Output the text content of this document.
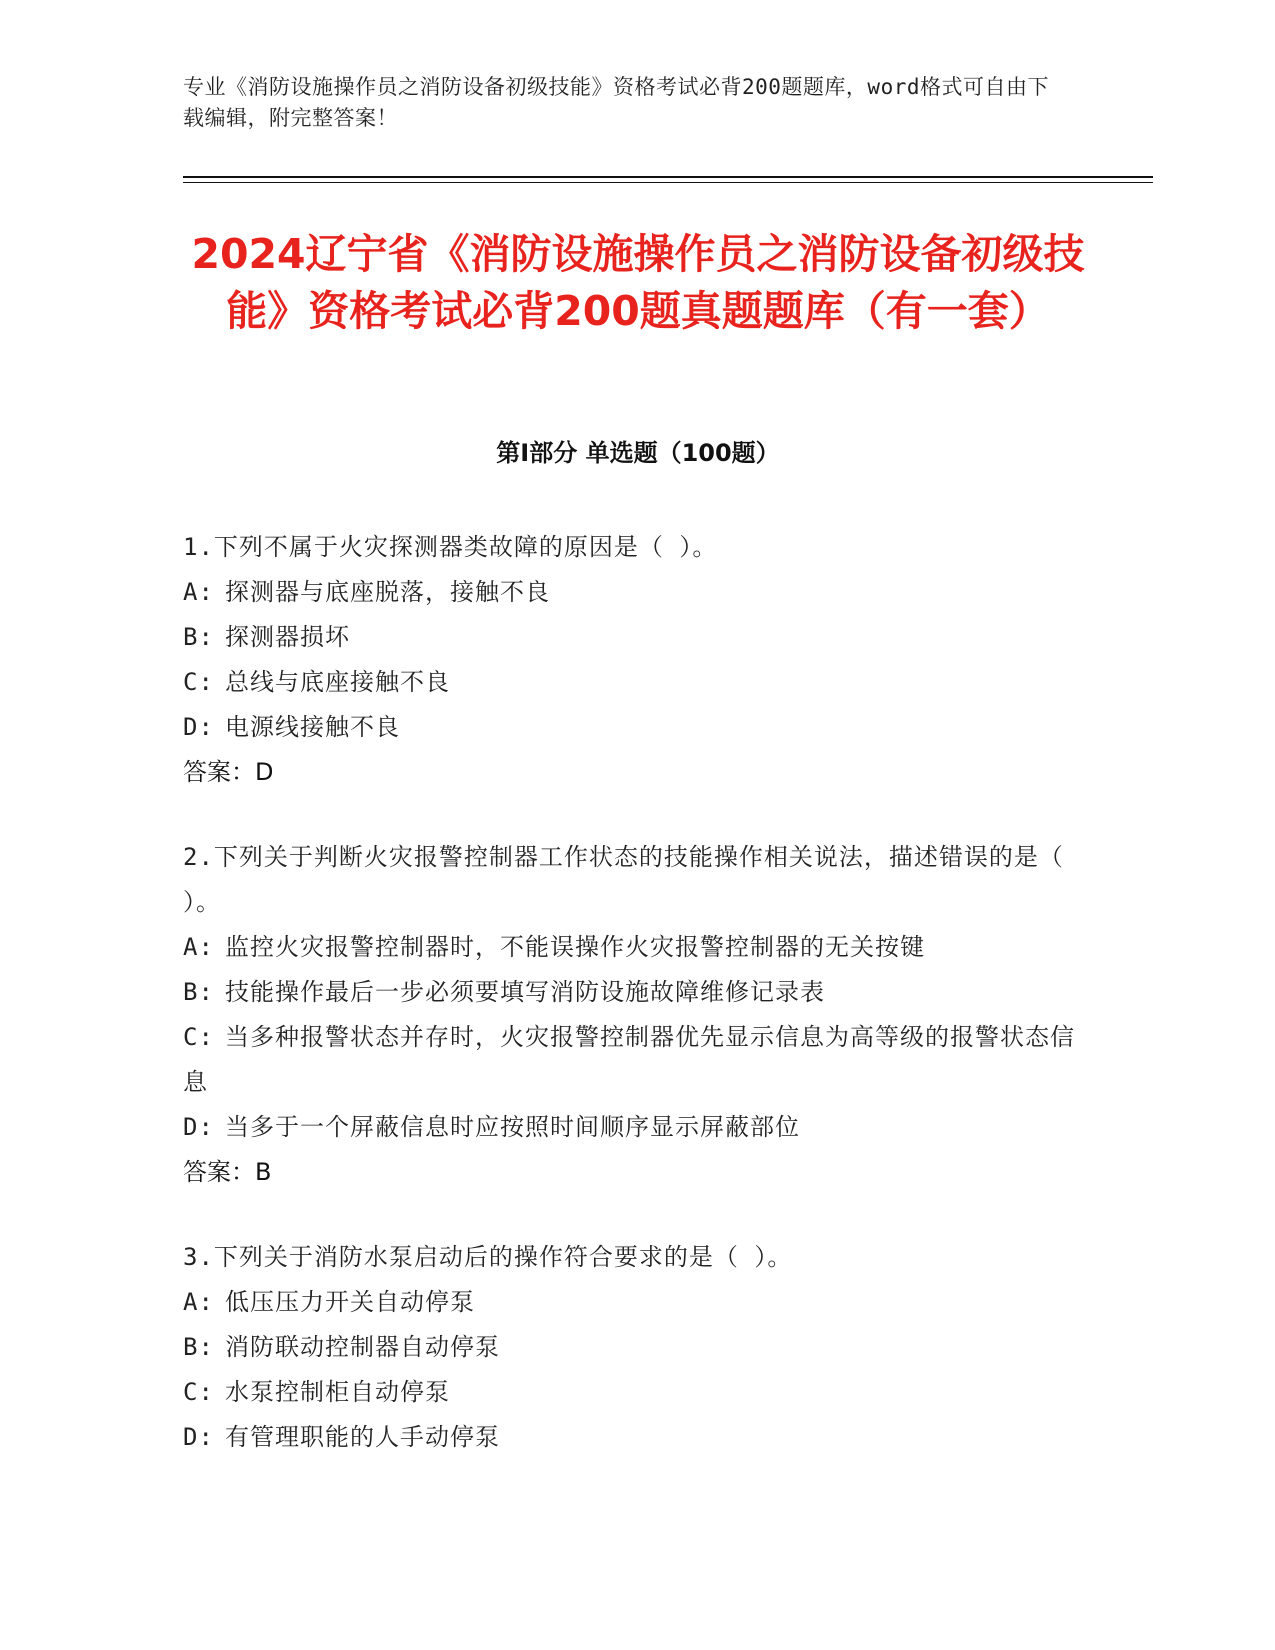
专业《消防设施操作员之消防设备初级技能》资格考试必背200题题库，word格式可自由下载编辑，附完整答案！
2024辽宁省《消防设施操作员之消防设备初级技能》资格考试必背200题真题题库（有一套）
第I部分 单选题（100题）
1.下列不属于火灾探测器类故障的原因是（ ）。
A: 探测器与底座脱落，接触不良
B: 探测器损坏
C: 总线与底座接触不良
D: 电源线接触不良
答案：D
2.下列关于判断火灾报警控制器工作状态的技能操作相关说法，描述错误的是（ ）。
A: 监控火灾报警控制器时，不能误操作火灾报警控制器的无关按键
B: 技能操作最后一步必须要填写消防设施故障维修记录表
C: 当多种报警状态并存时，火灾报警控制器优先显示信息为高等级的报警状态信息
D: 当多于一个屏蔽信息时应按照时间顺序显示屏蔽部位
答案：B
3.下列关于消防水泵启动后的操作符合要求的是（ ）。
A: 低压压力开关自动停泵
B: 消防联动控制器自动停泵
C: 水泵控制柜自动停泵
D: 有管理职能的人手动停泵
